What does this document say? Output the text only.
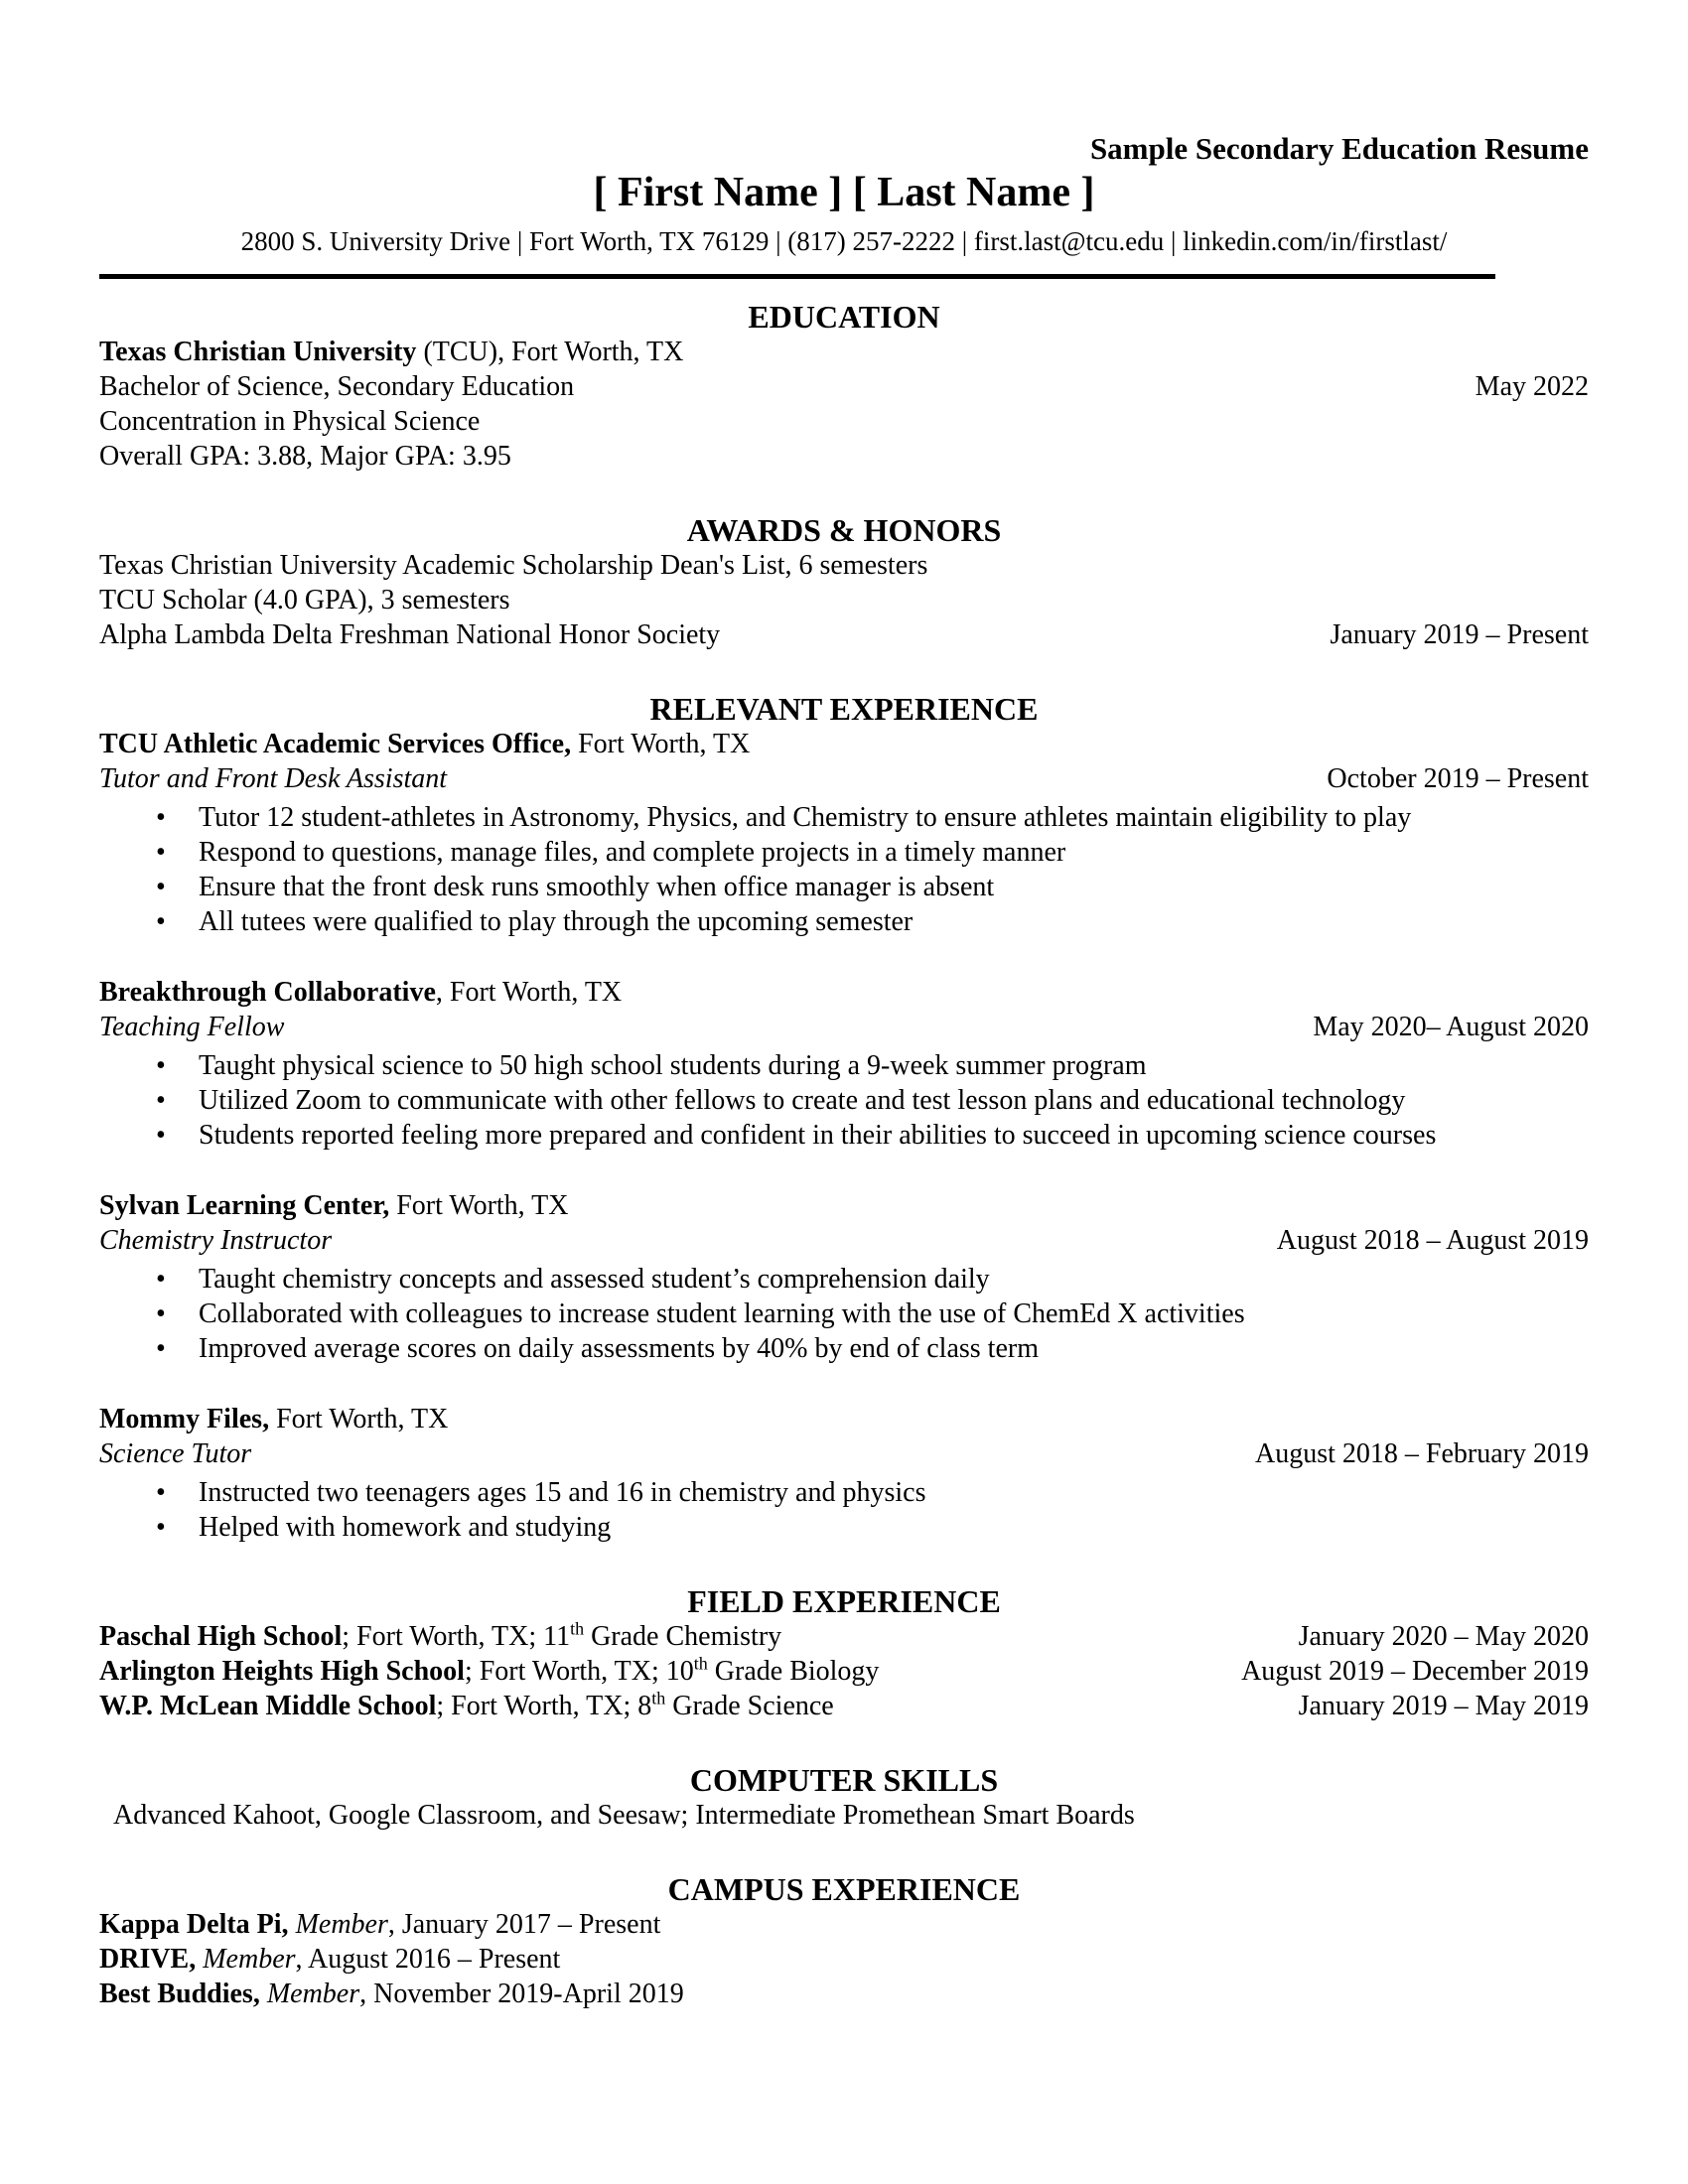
Sample Secondary Education Resume
[ First Name ] [ Last Name ]
2800 S. University Drive | Fort Worth, TX 76129 | (817) 257-2222 | first.last@tcu.edu | linkedin.com/in/firstlast/
EDUCATION
Texas Christian University (TCU), Fort Worth, TX
Bachelor of Science, Secondary Education	May 2022
Concentration in Physical Science
Overall GPA: 3.88, Major GPA: 3.95
AWARDS & HONORS
Texas Christian University Academic Scholarship Dean's List, 6 semesters
TCU Scholar (4.0 GPA), 3 semesters
Alpha Lambda Delta Freshman National Honor Society	January 2019 – Present
RELEVANT EXPERIENCE
TCU Athletic Academic Services Office, Fort Worth, TX
Tutor and Front Desk Assistant	October 2019 – Present
• Tutor 12 student-athletes in Astronomy, Physics, and Chemistry to ensure athletes maintain eligibility to play
• Respond to questions, manage files, and complete projects in a timely manner
• Ensure that the front desk runs smoothly when office manager is absent
• All tutees were qualified to play through the upcoming semester
Breakthrough Collaborative, Fort Worth, TX
Teaching Fellow	May 2020– August 2020
• Taught physical science to 50 high school students during a 9-week summer program
• Utilized Zoom to communicate with other fellows to create and test lesson plans and educational technology
• Students reported feeling more prepared and confident in their abilities to succeed in upcoming science courses
Sylvan Learning Center, Fort Worth, TX
Chemistry Instructor	August 2018 – August 2019
• Taught chemistry concepts and assessed student’s comprehension daily
• Collaborated with colleagues to increase student learning with the use of ChemEd X activities
• Improved average scores on daily assessments by 40% by end of class term
Mommy Files, Fort Worth, TX
Science Tutor	August 2018 – February 2019
• Instructed two teenagers ages 15 and 16 in chemistry and physics
• Helped with homework and studying
FIELD EXPERIENCE
Paschal High School; Fort Worth, TX; 11th Grade Chemistry	January 2020 – May 2020
Arlington Heights High School; Fort Worth, TX; 10th Grade Biology	August 2019 – December 2019
W.P. McLean Middle School; Fort Worth, TX; 8th Grade Science	January 2019 – May 2019
COMPUTER SKILLS
Advanced Kahoot, Google Classroom, and Seesaw; Intermediate Promethean Smart Boards
CAMPUS EXPERIENCE
Kappa Delta Pi, Member, January 2017 – Present
DRIVE, Member, August 2016 – Present
Best Buddies, Member, November 2019-April 2019
